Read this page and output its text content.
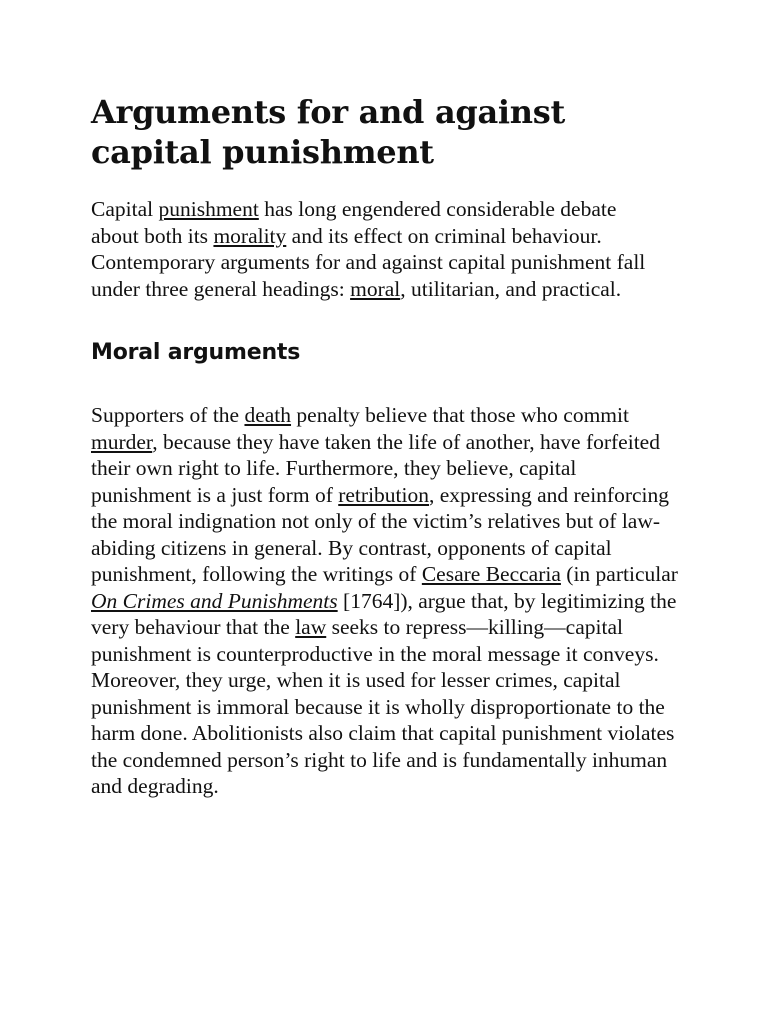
Arguments for and against capital punishment

Capital punishment has long engendered considerable debate about both its morality and its effect on criminal behaviour. Contemporary arguments for and against capital punishment fall under three general headings: moral, utilitarian, and practical.

Moral arguments

Supporters of the death penalty believe that those who commit murder, because they have taken the life of another, have forfeited their own right to life. Furthermore, they believe, capital punishment is a just form of retribution, expressing and reinforcing the moral indignation not only of the victim’s relatives but of law-abiding citizens in general. By contrast, opponents of capital punishment, following the writings of Cesare Beccaria (in particular On Crimes and Punishments [1764]), argue that, by legitimizing the very behaviour that the law seeks to repress—killing—capital punishment is counterproductive in the moral message it conveys. Moreover, they urge, when it is used for lesser crimes, capital punishment is immoral because it is wholly disproportionate to the harm done. Abolitionists also claim that capital punishment violates the condemned person’s right to life and is fundamentally inhuman and degrading.
